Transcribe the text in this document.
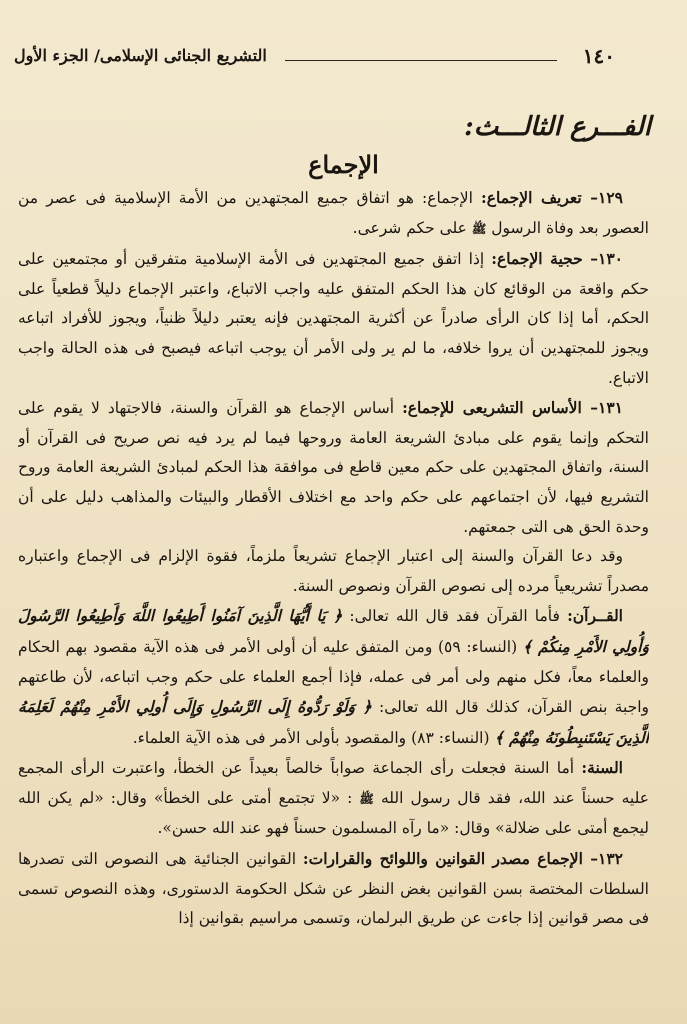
١٤٠
التشريع الجنائى الإسلامى/ الجزء الأول
الفـــرع الثالـــث:
الإجماع

١٢٩– تعريف الإجماع: الإجماع: هو اتفاق جميع المجتهدين من الأمة الإسلامية فى عصر من العصور بعد وفاة الرسول ﷺ على حكم شرعى.

١٣٠– حجية الإجماع: إذا اتفق جميع المجتهدين فى الأمة الإسلامية متفرقين أو مجتمعين على حكم واقعة من الوقائع كان هذا الحكم المتفق عليه واجب الاتباع، واعتبر الإجماع دليلاً قطعياً على الحكم، أما إذا كان الرأى صادراً عن أكثرية المجتهدين فإنه يعتبر دليلاً ظنياً، ويجوز للأفراد اتباعه ويجوز للمجتهدين أن يروا خلافه، ما لم ير ولى الأمر أن يوجب اتباعه فيصبح فى هذه الحالة واجب الاتباع.

١٣١– الأساس التشريعى للإجماع: أساس الإجماع هو القرآن والسنة، فالاجتهاد لا يقوم على التحكم وإنما يقوم على مبادئ الشريعة العامة وروحها فيما لم يرد فيه نص صريح فى القرآن أو السنة، واتفاق المجتهدين على حكم معين قاطع فى موافقة هذا الحكم لمبادئ الشريعة العامة وروح التشريع فيها، لأن اجتماعهم على حكم واحد مع اختلاف الأقطار والبيئات والمذاهب دليل على أن وحدة الحق هى التى جمعتهم.

وقد دعا القرآن والسنة إلى اعتبار الإجماع تشريعاً ملزماً، فقوة الإلزام فى الإجماع واعتباره مصدراً تشريعياً مرده إلى نصوص القرآن ونصوص السنة.

القــرآن: فأما القرآن فقد قال الله تعالى: ﴿ يَا أَيُّهَا الَّذِينَ آمَنُوا أَطِيعُوا اللَّهَ وَأَطِيعُوا الرَّسُولَ وَأُولِي الأَمْرِ مِنكُمْ ﴾ (النساء: ٥٩) ومن المتفق عليه أن أولى الأمر فى هذه الآية مقصود بهم الحكام والعلماء معاً، فكل منهم ولى أمر فى عمله، فإذا أجمع العلماء على حكم وجب اتباعه، لأن طاعتهم واجبة بنص القرآن، كذلك قال الله تعالى: ﴿ وَلَوْ رَدُّوهُ إِلَى الرَّسُولِ وَإِلَى أُولِي الأَمْرِ مِنْهُمْ لَعَلِمَهُ الَّذِينَ يَسْتَنبِطُونَهُ مِنْهُمْ ﴾ (النساء: ٨٣) والمقصود بأولى الأمر فى هذه الآية العلماء.

السنة: أما السنة فجعلت رأى الجماعة صواباً خالصاً بعيداً عن الخطأ، واعتبرت الرأى المجمع عليه حسناً عند الله، فقد قال رسول الله ﷺ : «لا تجتمع أمتى على الخطأ» وقال: «لم يكن الله ليجمع أمتى على ضلالة» وقال: «ما رآه المسلمون حسناً فهو عند الله حسن».

١٣٢– الإجماع مصدر القوانين واللوائح والقرارات: القوانين الجنائية هى النصوص التى تصدرها السلطات المختصة بسن القوانين بغض النظر عن شكل الحكومة الدستورى، وهذه النصوص تسمى فى مصر قوانين إذا جاءت عن طريق البرلمان، وتسمى مراسيم بقوانين إذا
